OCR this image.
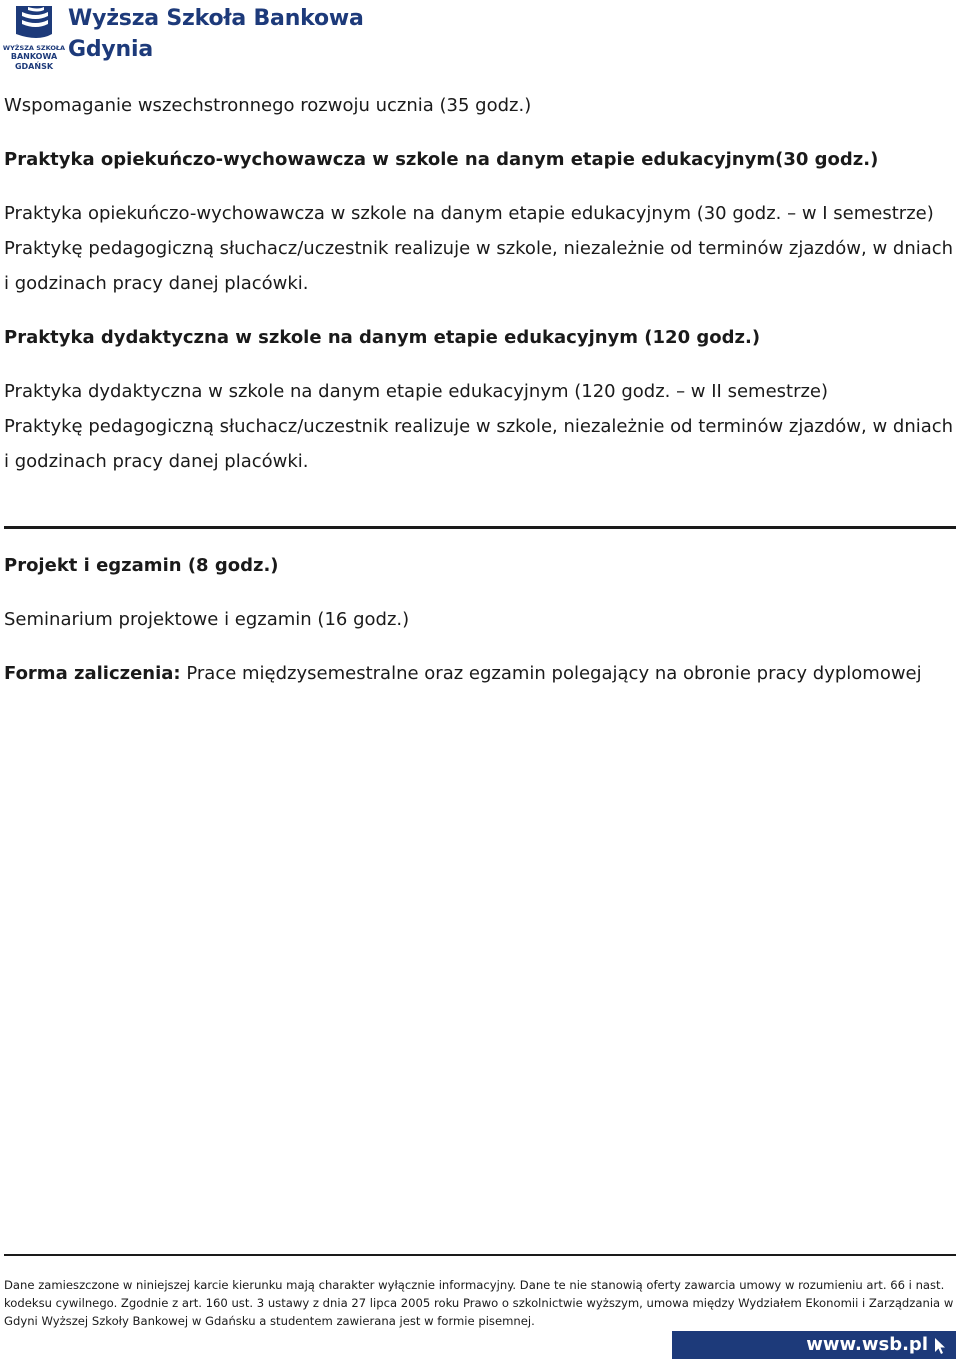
WYŻSZA SZKOŁA
BANKOWA
GDAŃSK
Wyższa Szkoła Bankowa
Gdynia

Wspomaganie wszechstronnego rozwoju ucznia (35 godz.)

Praktyka opiekuńczo-wychowawcza w szkole na danym etapie edukacyjnym(30 godz.)

Praktyka opiekuńczo-wychowawcza w szkole na danym etapie edukacyjnym (30 godz. – w I semestrze)

Praktykę pedagogiczną słuchacz/uczestnik realizuje w szkole, niezależnie od terminów zjazdów, w dniach i godzinach pracy danej placówki.

Praktyka dydaktyczna w szkole na danym etapie edukacyjnym (120 godz.)

Praktyka dydaktyczna w szkole na danym etapie edukacyjnym (120 godz. – w II semestrze)

Praktykę pedagogiczną słuchacz/uczestnik realizuje w szkole, niezależnie od terminów zjazdów, w dniach i godzinach pracy danej placówki.

Projekt i egzamin (8 godz.)

Seminarium projektowe i egzamin (16 godz.)

Forma zaliczenia: Prace międzysemestralne oraz egzamin polegający na obronie pracy dyplomowej

Dane zamieszczone w niniejszej karcie kierunku mają charakter wyłącznie informacyjny. Dane te nie stanowią oferty zawarcia umowy w rozumieniu art. 66 i nast. kodeksu cywilnego. Zgodnie z art. 160 ust. 3 ustawy z dnia 27 lipca 2005 roku Prawo o szkolnictwie wyższym, umowa między Wydziałem Ekonomii i Zarządzania w Gdyni Wyższej Szkoły Bankowej w Gdańsku a studentem zawierana jest w formie pisemnej.
www.wsb.pl
